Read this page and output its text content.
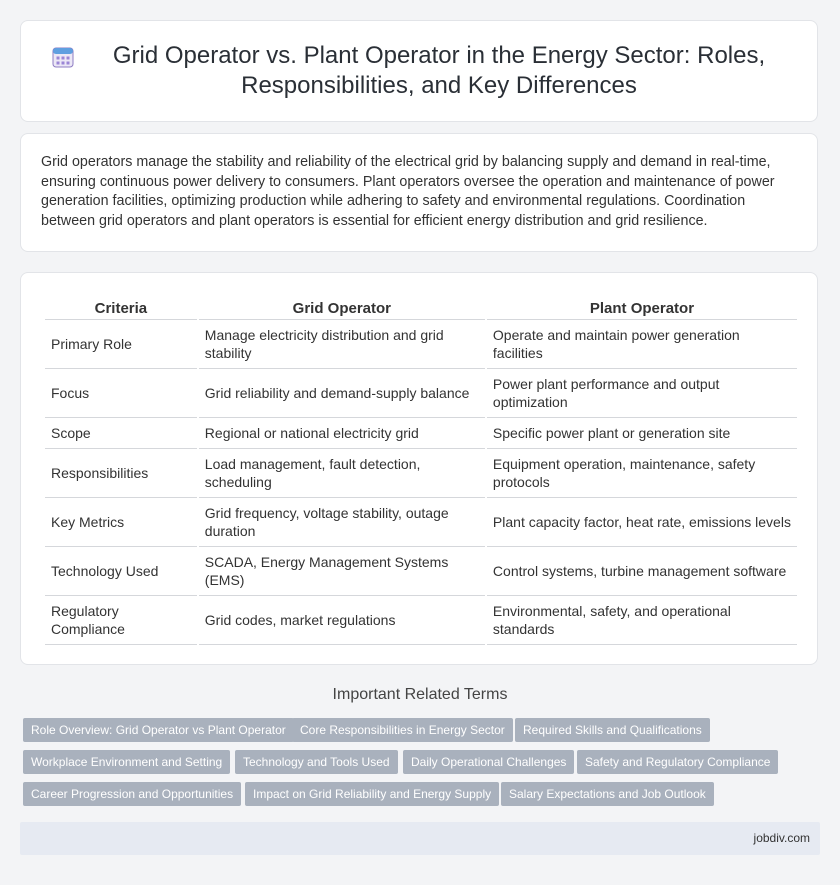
Grid Operator vs. Plant Operator in the Energy Sector: Roles, Responsibilities, and Key Differences

Grid operators manage the stability and reliability of the electrical grid by balancing supply and demand in real-time, ensuring continuous power delivery to consumers. Plant operators oversee the operation and maintenance of power generation facilities, optimizing production while adhering to safety and environmental regulations. Coordination between grid operators and plant operators is essential for efficient energy distribution and grid resilience.

Criteria	Grid Operator	Plant Operator
Primary Role	Manage electricity distribution and grid stability	Operate and maintain power generation facilities
Focus	Grid reliability and demand-supply balance	Power plant performance and output optimization
Scope	Regional or national electricity grid	Specific power plant or generation site
Responsibilities	Load management, fault detection, scheduling	Equipment operation, maintenance, safety protocols
Key Metrics	Grid frequency, voltage stability, outage duration	Plant capacity factor, heat rate, emissions levels
Technology Used	SCADA, Energy Management Systems (EMS)	Control systems, turbine management software
Regulatory Compliance	Grid codes, market regulations	Environmental, safety, and operational standards
Important Related Terms
Role Overview: Grid Operator vs Plant Operator	Core Responsibilities in Energy Sector	Required Skills and Qualifications
Workplace Environment and Setting	Technology and Tools Used	Daily Operational Challenges	Safety and Regulatory Compliance
Career Progression and Opportunities	Impact on Grid Reliability and Energy Supply	Salary Expectations and Job Outlook
jobdiv.com
